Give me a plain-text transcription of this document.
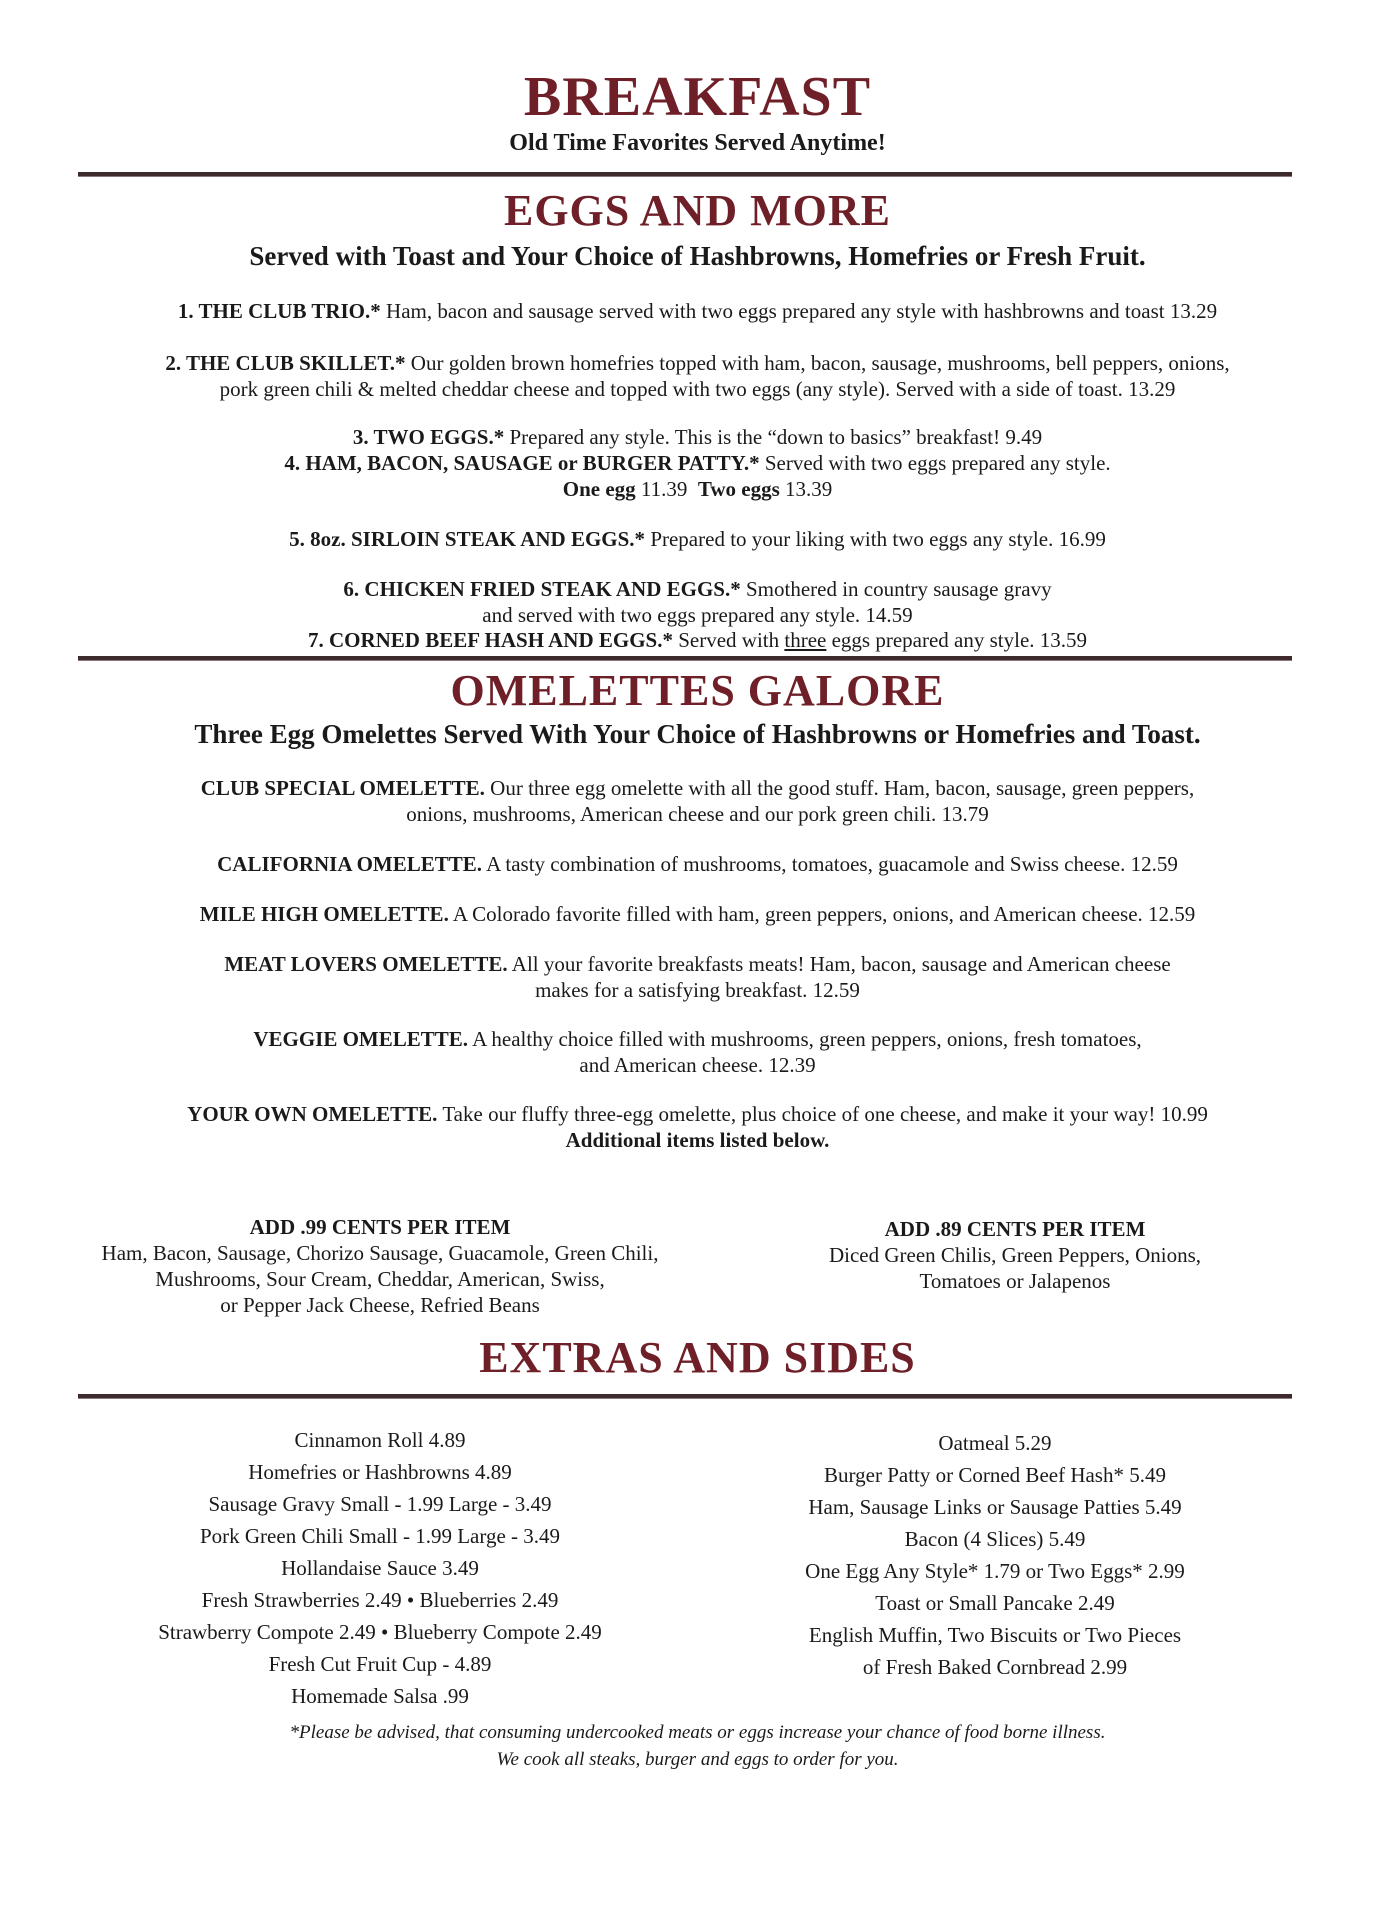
BREAKFAST
Old Time Favorites Served Anytime!
EGGS AND MORE
Served with Toast and Your Choice of Hashbrowns, Homefries or Fresh Fruit.
1. THE CLUB TRIO.* Ham, bacon and sausage served with two eggs prepared any style with hashbrowns and toast 13.29
2. THE CLUB SKILLET.* Our golden brown homefries topped with ham, bacon, sausage, mushrooms, bell peppers, onions,
pork green chili & melted cheddar cheese and topped with two eggs (any style). Served with a side of toast. 13.29
3. TWO EGGS.* Prepared any style. This is the “down to basics” breakfast! 9.49
4. HAM, BACON, SAUSAGE or BURGER PATTY.* Served with two eggs prepared any style.
One egg 11.39 Two eggs 13.39
5. 8oz. SIRLOIN STEAK AND EGGS.* Prepared to your liking with two eggs any style. 16.99
6. CHICKEN FRIED STEAK AND EGGS.* Smothered in country sausage gravy
and served with two eggs prepared any style. 14.59
7. CORNED BEEF HASH AND EGGS.* Served with three eggs prepared any style. 13.59
OMELETTES GALORE
Three Egg Omelettes Served With Your Choice of Hashbrowns or Homefries and Toast.
CLUB SPECIAL OMELETTE. Our three egg omelette with all the good stuff. Ham, bacon, sausage, green peppers,
onions, mushrooms, American cheese and our pork green chili. 13.79
CALIFORNIA OMELETTE. A tasty combination of mushrooms, tomatoes, guacamole and Swiss cheese. 12.59
MILE HIGH OMELETTE. A Colorado favorite filled with ham, green peppers, onions, and American cheese. 12.59
MEAT LOVERS OMELETTE. All your favorite breakfasts meats! Ham, bacon, sausage and American cheese
makes for a satisfying breakfast. 12.59
VEGGIE OMELETTE. A healthy choice filled with mushrooms, green peppers, onions, fresh tomatoes,
and American cheese. 12.39
YOUR OWN OMELETTE. Take our fluffy three-egg omelette, plus choice of one cheese, and make it your way! 10.99
Additional items listed below.
ADD .99 CENTS PER ITEM
Ham, Bacon, Sausage, Chorizo Sausage, Guacamole, Green Chili,
Mushrooms, Sour Cream, Cheddar, American, Swiss,
or Pepper Jack Cheese, Refried Beans
ADD .89 CENTS PER ITEM
Diced Green Chilis, Green Peppers, Onions,
Tomatoes or Jalapenos
EXTRAS AND SIDES
Cinnamon Roll 4.89
Homefries or Hashbrowns 4.89
Sausage Gravy Small - 1.99 Large - 3.49
Pork Green Chili Small - 1.99 Large - 3.49
Hollandaise Sauce 3.49
Fresh Strawberries 2.49 • Blueberries 2.49
Strawberry Compote 2.49 • Blueberry Compote 2.49
Fresh Cut Fruit Cup - 4.89
Homemade Salsa .99
Oatmeal 5.29
Burger Patty or Corned Beef Hash* 5.49
Ham, Sausage Links or Sausage Patties 5.49
Bacon (4 Slices) 5.49
One Egg Any Style* 1.79 or Two Eggs* 2.99
Toast or Small Pancake 2.49
English Muffin, Two Biscuits or Two Pieces
of Fresh Baked Cornbread 2.99
*Please be advised, that consuming undercooked meats or eggs increase your chance of food borne illness.
We cook all steaks, burger and eggs to order for you.
